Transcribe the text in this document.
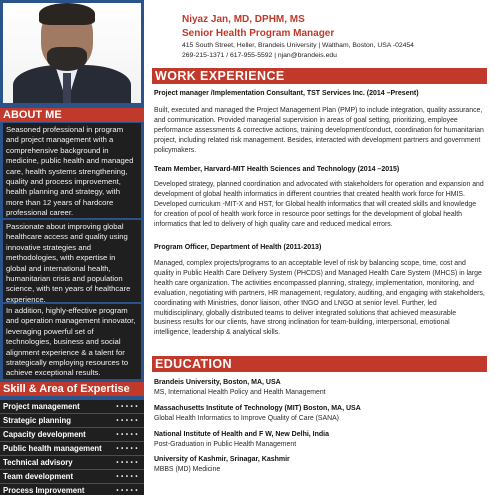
ABOUT ME
Seasoned professional in program and project management with a comprehensive background in medicine, public health and managed care, health systems strengthening, quality and process improvement, health planning and strategy, with more than 12 years of hardcore professional career.
Passionate about improving global healthcare access and quality using innovative strategies and methodologies, with expertise in global and international health, humanitarian crisis and population science, with ten years of healthcare experience.
In addition, highly-effective program and operation management innovator, leveraging powerful set of technologies, business and social alignment experience & a talent for strategically employing resources to achieve exceptional results.
Skill & Area of Expertise
Project management	• • • • •
Strategic planning	• • • • •
Capacity development	• • • • •
Public health management • • • • •
Technical advisory	• • • • •
Team development	• • • • •
Process Improvement	• • • • •
Niyaz Jan, MD, DPHM, MS
Senior Health Program Manager
415 South Street, Heller, Brandeis University | Waltham, Boston, USA -02454
269-215-1371 / 617-955-5592 | njan@brandeis.edu
WORK EXPERIENCE
Project manager /Implementation Consultant, TST Services Inc. (2014 –Present)
Built, executed and managed the Project Management Plan (PMP) to include integration, quality assurance, and communication. Provided managerial supervision in areas of goal setting, prioritizing, employee performance assessments & corrective actions, training development/conduct, coordination for humanitarian project, including related risk management. Besides, interacted with development partners and government policymakers.
Team Member, Harvard-MIT Health Sciences and Technology (2014 –2015)
Developed strategy, planned coordination and advocated with stakeholders for operation and expansion and development of global health informatics in different countries that created health work force for HMIS. Developed curriculum -MIT-X and HST, for Global health informatics that will created skills and knowledge for creation of pool of health work force in resource poor settings for the development of global health informatics that led to delivery of high quality care and reduced medical errors.
Program Officer, Department of Health (2011-2013)
Managed, complex projects/programs to an acceptable level of risk by balancing scope, time, cost and quality in Public Health Care Delivery System (PHCDS) and Managed Health Care System (MHCS) in large health care organization. The activities encompassed planning, strategy, implementation, monitoring, and evaluation, negotiating with partners, HR management, regulatory, auditing, and engaging with stakeholders, coordinating with Ministries, donor liaison, other INGO and LNGO at senior level. Further, led multidisciplinary, globally distributed teams to deliver integrated solutions that achieved measurable business results for our clients, have strong inclination for team-building, interpersonal, emotional intelligence, leadership & analytical skills.
EDUCATION
Brandeis University, Boston, MA, USA
MS, International Health Policy and Health Management
Massachusetts Institute of Technology (MIT) Boston, MA, USA
Global Health Informatics to Improve Quality of Care (SANA)
National Institute of Health and F W, New Delhi, India
Post-Graduation in Public Health Management
University of Kashmir, Srinagar, Kashmir
MBBS (MD) Medicine
